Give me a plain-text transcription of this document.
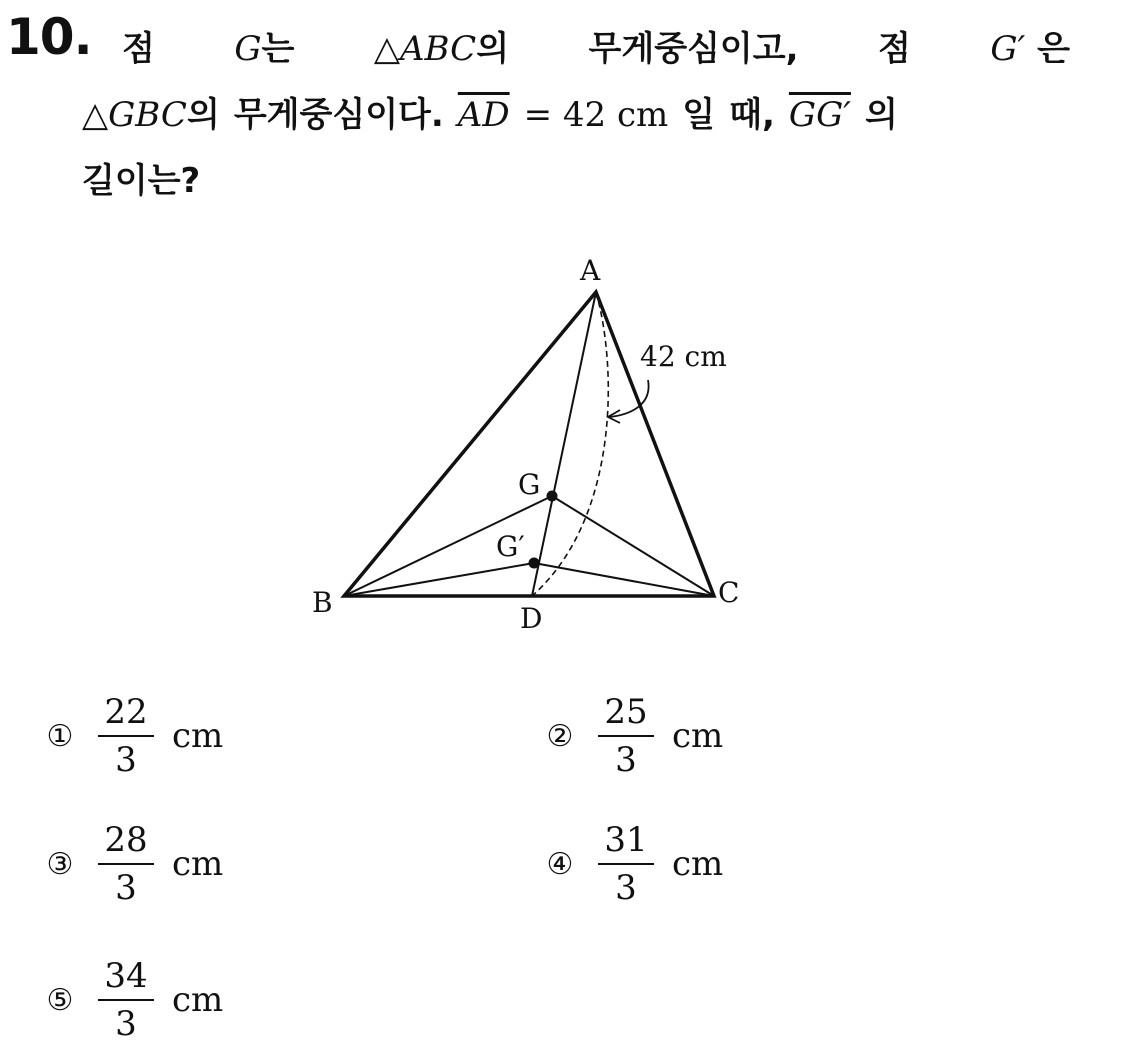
10. 점 G는 △ABC의 무게중심이고, 점 G′ 은
△GBC의 무게중심이다. $\overline{AD} = 42$ cm 일 때, GG′ 의
길이는?
A
B	C
D
G
G′
42 cm
① $\frac{22}{3}$ cm	② $\frac{25}{3}$ cm
③ $\frac{28}{3}$ cm	④ $\frac{31}{3}$ cm
⑤ $\frac{34}{3}$ cm
